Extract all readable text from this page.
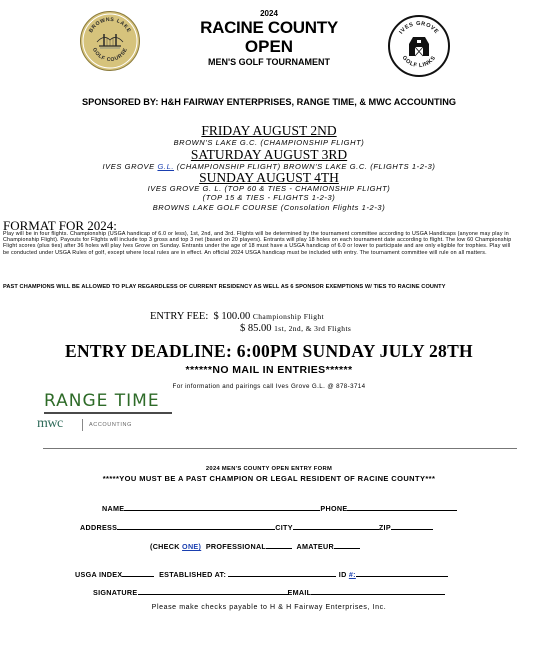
BROWNS LAKE
GOLF COURSE
IVES GROVE
GOLF LINKS
2024
RACINE COUNTY
OPEN
MEN'S GOLF TOURNAMENT
SPONSORED BY: H&H FAIRWAY ENTERPRISES, RANGE TIME, & MWC ACCOUNTING
FRIDAY AUGUST 2ND
BROWN'S LAKE G.C. (CHAMPIONSHIP FLIGHT)
SATURDAY AUGUST 3RD
IVES GROVE G.L. (CHAMPIONSHIP FLIGHT) BROWN'S LAKE G.C. (FLIGHTS 1-2-3)
SUNDAY AUGUST 4TH
IVES GROVE G. L. (TOP 60 & TIES - CHAMIONSHIP FLIGHT)
(TOP 15 & TIES - FLIGHTS 1-2-3)
BROWNS LAKE GOLF COURSE (Consolation Flights 1-2-3)
FORMAT FOR 2024:
Play will be in four flights. Championship (USGA handicap of 6.0 or less), 1st, 2nd, and 3rd. Flights will be determined by the tournament committee according to USGA Handicaps (anyone may play in Championship Flight). Payouts for Flights will include top 3 gross and top 3 net (based on 20 players). Entrants will play 18 holes on each tournament date according to flight. The low 60 Championship Flight scores (plus ties) after 36 holes will play Ives Grove on Sunday. Entrants under the age of 18 must have a USGA handicap of 6.0 or lower to participate and are only eligible for trophies. Play will be conducted under USGA Rules of golf, except where local rules are in effect. An official 2024 USGA handicap must be included with entry. The tournament committee will rule on all matters.
PAST CHAMPIONS WILL BE ALLOWED TO PLAY REGARDLESS OF CURRENT RESIDENCY AS WELL AS 6 SPONSOR EXEMPTIONS W/ TIES TO RACINE COUNTY
ENTRY FEE: $ 100.00 Championship Flight
$ 85.00 1st, 2nd, & 3rd Flights
ENTRY DEADLINE: 6:00PM SUNDAY JULY 28TH
******NO MAIL IN ENTRIES******
For information and pairings call Ives Grove G.L. @ 878-3714
RANGE TIME
mwc	ACCOUNTING
2024 MEN'S COUNTY OPEN ENTRY FORM
*****YOU MUST BE A PAST CHAMPION OR LEGAL RESIDENT OF RACINE COUNTY***
NAME	PHONE
ADDRESS	CITY	ZIP
(CHECK ONE)  PROFESSIONAL	AMATEUR
USGA INDEX	ESTABLISHED AT:	ID #:
SIGNATURE	EMAIL
Please make checks payable to H & H Fairway Enterprises, Inc.
